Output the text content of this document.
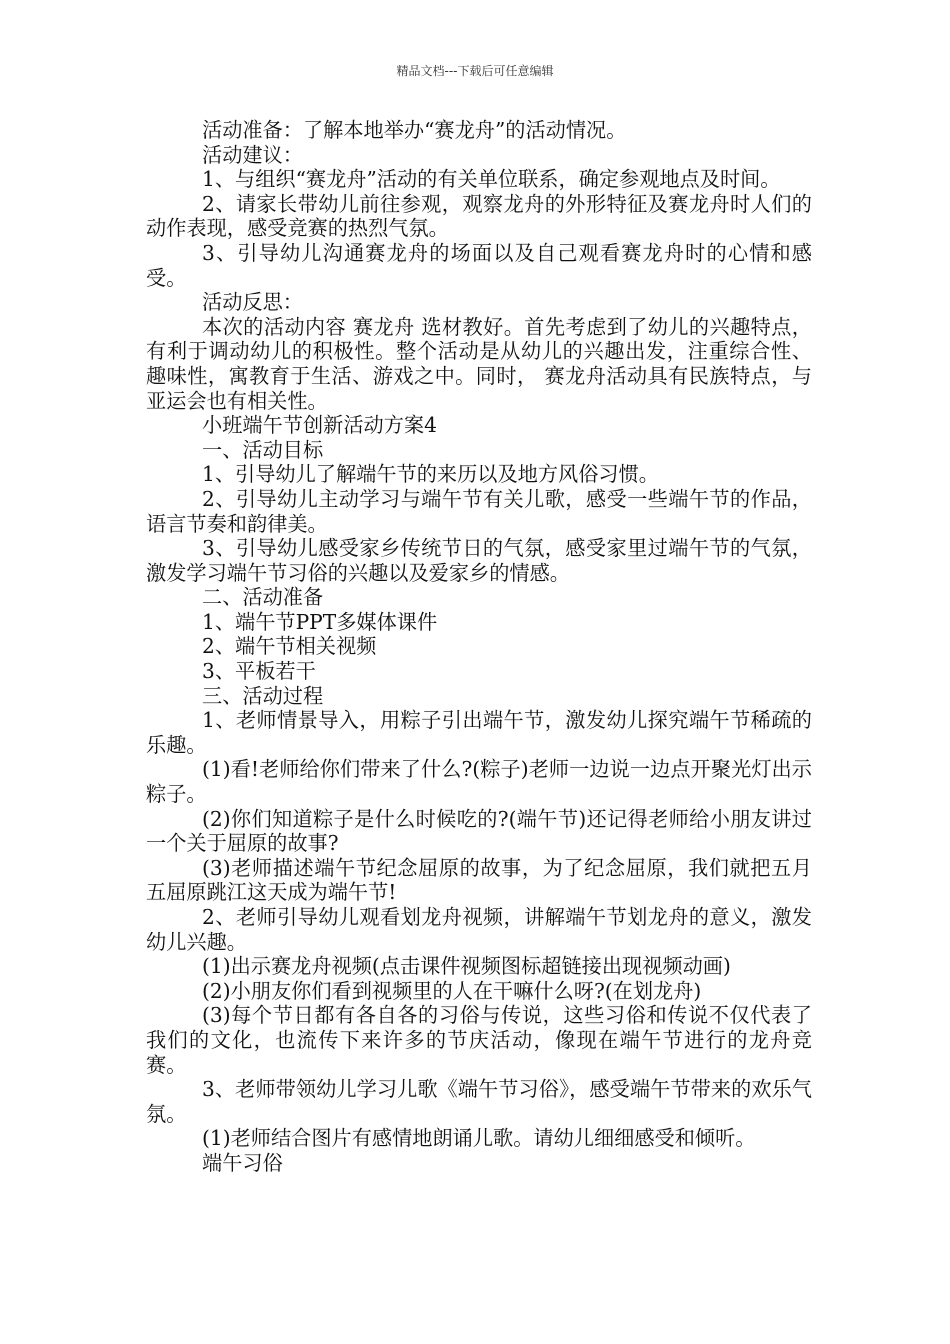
精品文档---下载后可任意编辑

活动准备：了解本地举办“赛龙舟”的活动情况。

活动建议：

1、与组织“赛龙舟”活动的有关单位联系，确定参观地点及时间。

2、请家长带幼儿前往参观，观察龙舟的外形特征及赛龙舟时人们的动作表现，感受竞赛的热烈气氛。

3、引导幼儿沟通赛龙舟的场面以及自己观看赛龙舟时的心情和感受。

活动反思：

本次的活动内容 赛龙舟 选材教好。首先考虑到了幼儿的兴趣特点，有利于调动幼儿的积极性。整个活动是从幼儿的兴趣出发，注重综合性、趣味性，寓教育于生活、游戏之中。同时， 赛龙舟活动具有民族特点，与亚运会也有相关性。

小班端午节创新活动方案4

一、活动目标

1、引导幼儿了解端午节的来历以及地方风俗习惯。

2、引导幼儿主动学习与端午节有关儿歌，感受一些端午节的作品，语言节奏和韵律美。

3、引导幼儿感受家乡传统节日的气氛，感受家里过端午节的气氛，激发学习端午节习俗的兴趣以及爱家乡的情感。

二、活动准备

1、端午节PPT多媒体课件

2、端午节相关视频

3、平板若干

三、活动过程

1、老师情景导入，用粽子引出端午节，激发幼儿探究端午节稀疏的乐趣。

(1)看!老师给你们带来了什么?(粽子)老师一边说一边点开聚光灯出示粽子。

(2)你们知道粽子是什么时候吃的?(端午节)还记得老师给小朋友讲过一个关于屈原的故事?

(3)老师描述端午节纪念屈原的故事，为了纪念屈原，我们就把五月五屈原跳江这天成为端午节!

2、老师引导幼儿观看划龙舟视频，讲解端午节划龙舟的意义，激发幼儿兴趣。

(1)出示赛龙舟视频(点击课件视频图标超链接出现视频动画)

(2)小朋友你们看到视频里的人在干嘛什么呀?(在划龙舟)

(3)每个节日都有各自各的习俗与传说，这些习俗和传说不仅代表了我们的文化，也流传下来许多的节庆活动，像现在端午节进行的龙舟竞赛。

3、老师带领幼儿学习儿歌《端午节习俗》，感受端午节带来的欢乐气氛。

(1)老师结合图片有感情地朗诵儿歌。请幼儿细细感受和倾听。

端午习俗
